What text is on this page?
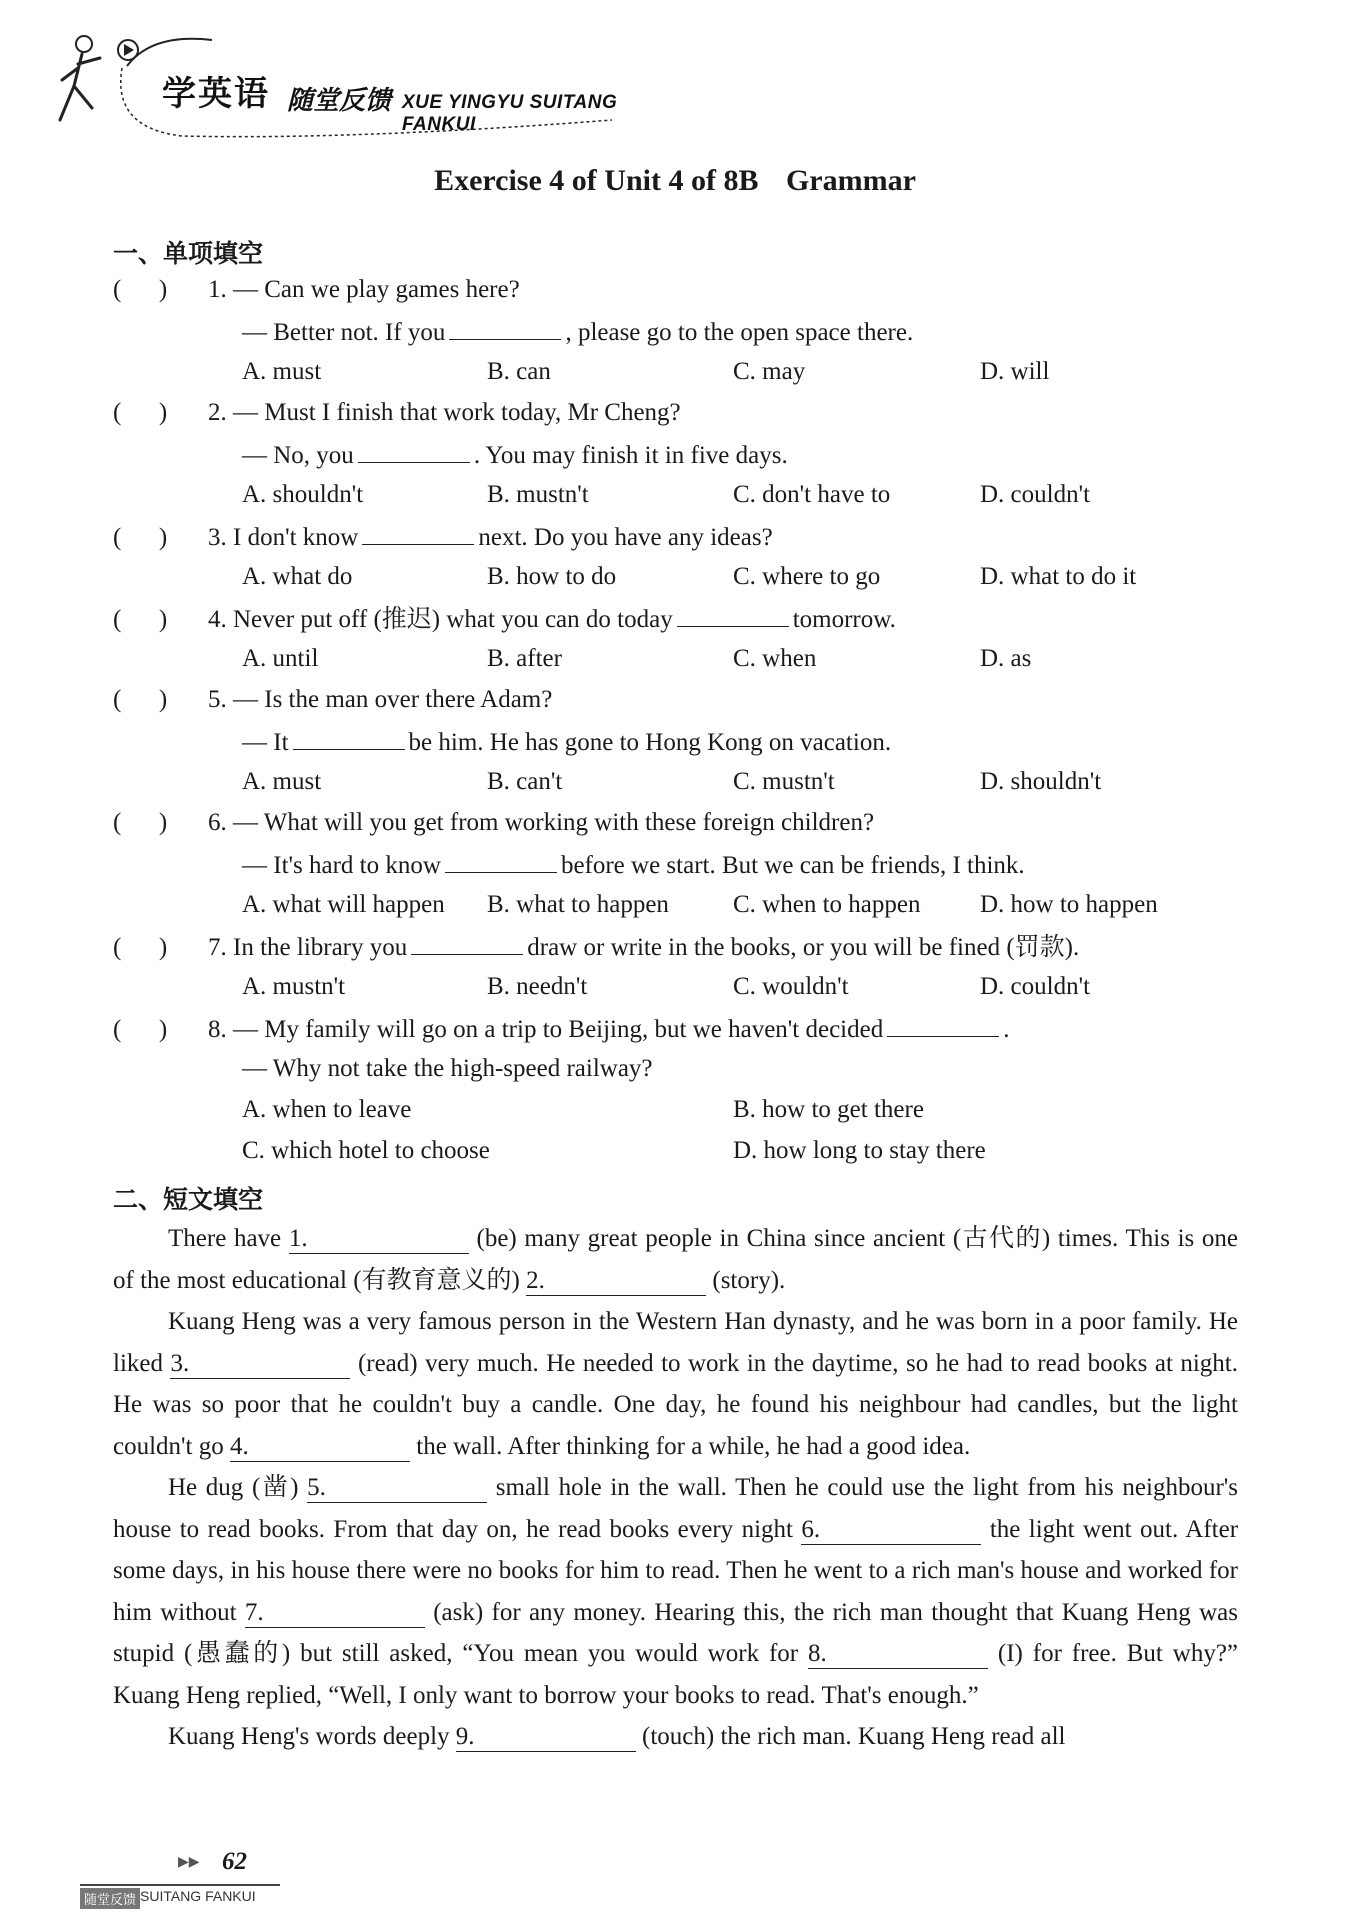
学英语 随堂反馈 XUE YINGYU SUITANG FANKUI
Exercise 4 of Unit 4 of 8B Grammar
一、单项填空
(      ) 1. — Can we play games here?
— Better not. If you	, please go to the open space there.
A. must	B. can	C. may	D. will
(      ) 2. — Must I finish that work today, Mr Cheng?
— No, you	. You may finish it in five days.
A. shouldn't	B. mustn't	C. don't have to	D. couldn't
(      ) 3. I don't know	next. Do you have any ideas?
A. what do	B. how to do	C. where to go	D. what to do it
(      ) 4. Never put off (推迟) what you can do today	tomorrow.
A. until	B. after	C. when	D. as
(      ) 5. — Is the man over there Adam?
— It	be him. He has gone to Hong Kong on vacation.
A. must	B. can't	C. mustn't	D. shouldn't
(      ) 6. — What will you get from working with these foreign children?
— It's hard to know	before we start. But we can be friends, I think.
A. what will happen B. what to happen	C. when to happen D. how to happen
(      ) 7. In the library you	draw or write in the books, or you will be fined (罚款).
A. mustn't	B. needn't	C. wouldn't	D. couldn't
(      ) 8. — My family will go on a trip to Beijing, but we haven't decided	.
— Why not take the high-speed railway?
A. when to leave	B. how to get there
C. which hotel to choose	D. how long to stay there
二、短文填空
There have 1.	(be) many great people in China since ancient (古代的) times. This is one of the most educational (有教育意义的) 2.	(story).
Kuang Heng was a very famous person in the Western Han dynasty, and he was born in a poor family. He liked 3.	(read) very much. He needed to work in the daytime, so he had to read books at night. He was so poor that he couldn't buy a candle. One day, he found his neighbour had candles, but the light couldn't go 4.	the wall. After thinking for a while, he had a good idea.
He dug (凿) 5.	small hole in the wall. Then he could use the light from his neighbour's house to read books. From that day on, he read books every night 6.	the light went out. After some days, in his house there were no books for him to read. Then he went to a rich man's house and worked for him without 7.	(ask) for any money. Hearing this, the rich man thought that Kuang Heng was stupid (愚蠢的) but still asked, “You mean you would work for 8.	(I) for free. But why?” Kuang Heng replied, “Well, I only want to borrow your books to read. That's enough.”
Kuang Heng's words deeply 9.	(touch) the rich man. Kuang Heng read all
▶▶ 62
随堂反馈 SUITANG FANKUI
